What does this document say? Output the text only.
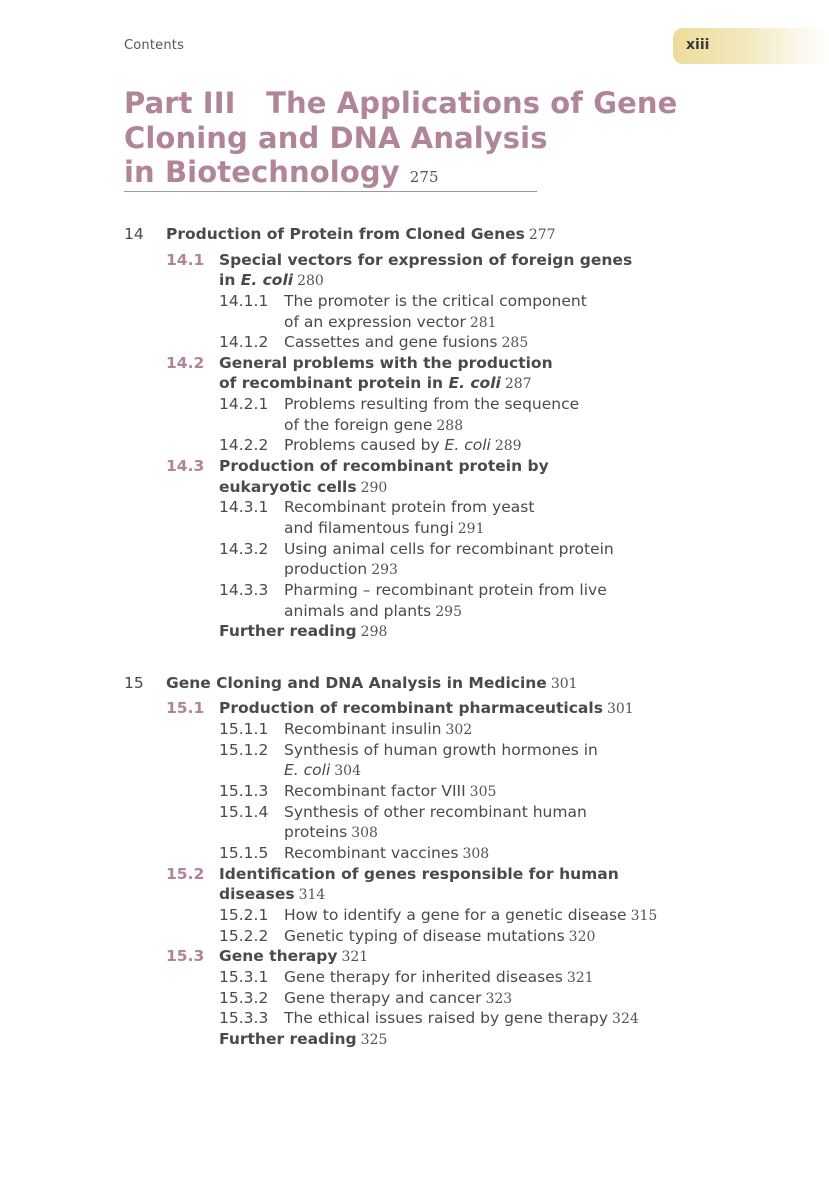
Contents	xiii
Part III   The Applications of Gene
Cloning and DNA Analysis
in Biotechnology 275
14 Production of Protein from Cloned Genes 277
14.1 Special vectors for expression of foreign genes
in E. coli 280
14.1.1 The promoter is the critical component
of an expression vector 281
14.1.2 Cassettes and gene fusions 285
14.2 General problems with the production
of recombinant protein in E. coli 287
14.2.1 Problems resulting from the sequence
of the foreign gene 288
14.2.2 Problems caused by E. coli 289
14.3 Production of recombinant protein by
eukaryotic cells 290
14.3.1 Recombinant protein from yeast
and filamentous fungi 291
14.3.2 Using animal cells for recombinant protein
production 293
14.3.3 Pharming – recombinant protein from live
animals and plants 295
Further reading 298
15 Gene Cloning and DNA Analysis in Medicine 301
15.1 Production of recombinant pharmaceuticals 301
15.1.1 Recombinant insulin 302
15.1.2 Synthesis of human growth hormones in
E. coli 304
15.1.3 Recombinant factor VIII 305
15.1.4 Synthesis of other recombinant human
proteins 308
15.1.5 Recombinant vaccines 308
15.2 Identification of genes responsible for human
diseases 314
15.2.1 How to identify a gene for a genetic disease 315
15.2.2 Genetic typing of disease mutations 320
15.3 Gene therapy 321
15.3.1 Gene therapy for inherited diseases 321
15.3.2 Gene therapy and cancer 323
15.3.3 The ethical issues raised by gene therapy 324
Further reading 325
